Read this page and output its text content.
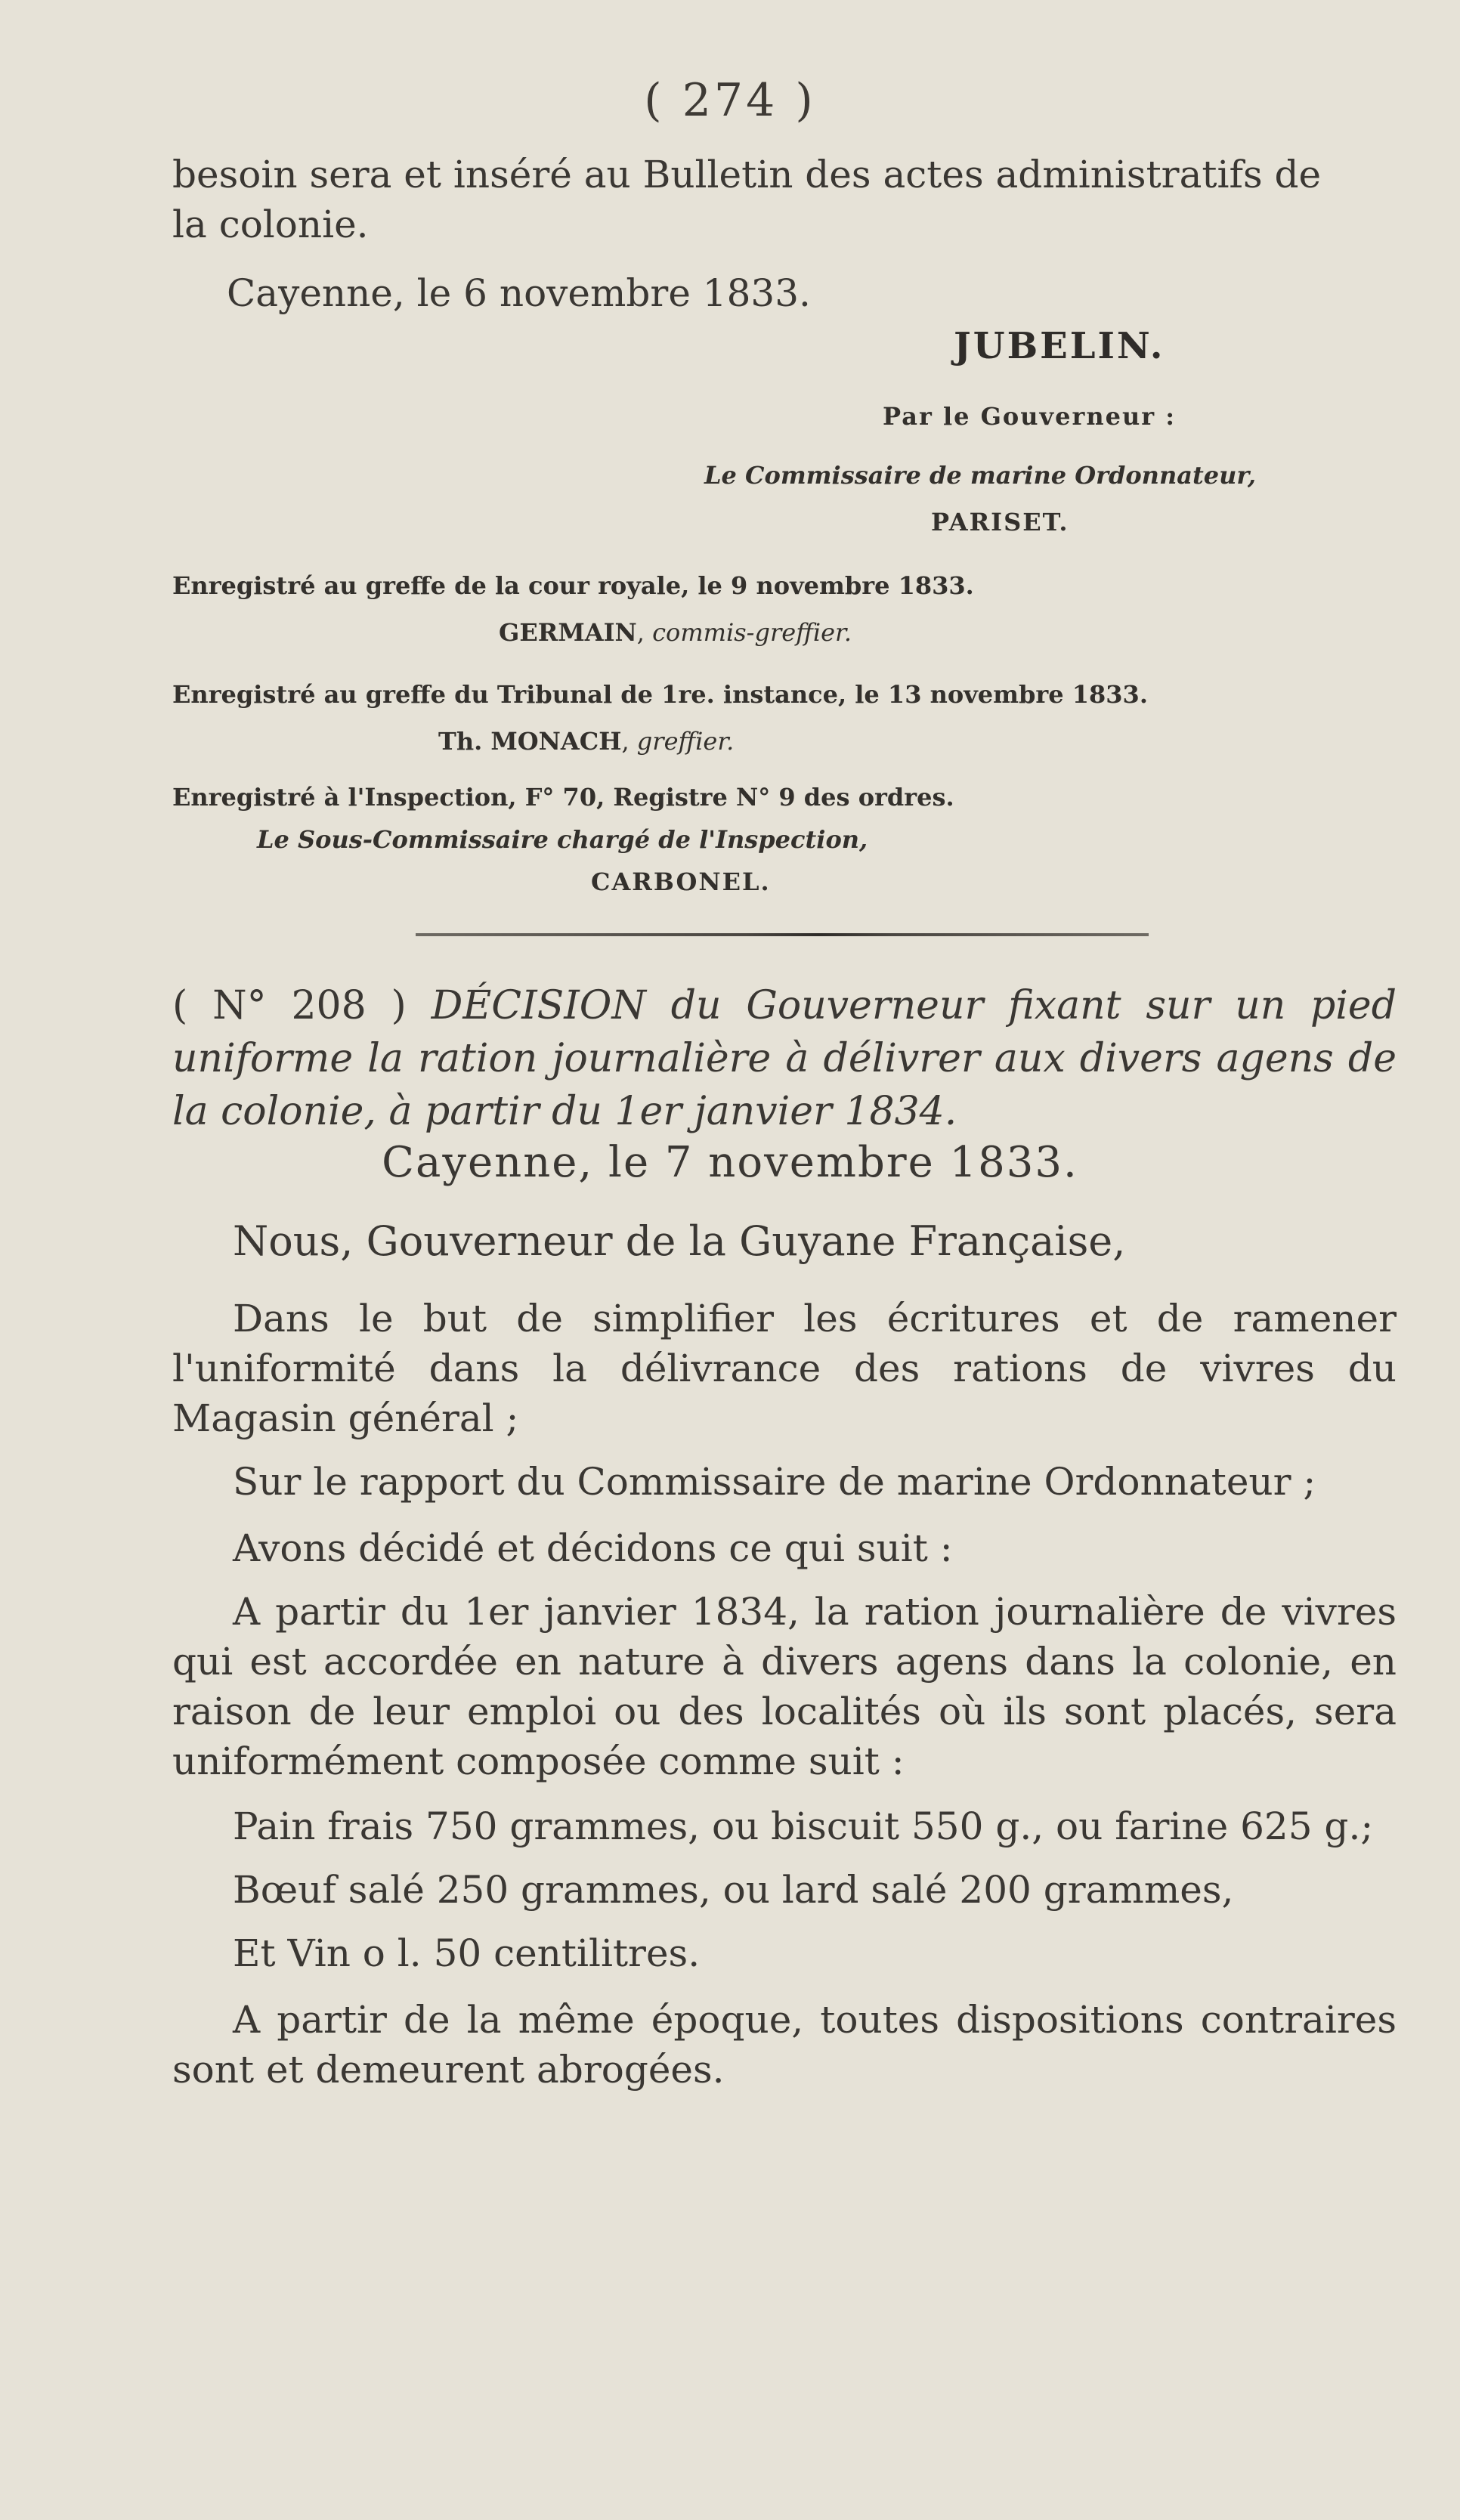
( 274 )
besoin sera et inséré au Bulletin des actes administratifs de
la colonie.
Cayenne, le 6 novembre 1833.
JUBELIN.
Par le Gouverneur :
Le Commissaire de marine Ordonnateur,
PARISET.
Enregistré au greffe de la cour royale, le 9 novembre 1833.
GERMAIN, commis-greffier.
Enregistré au greffe du Tribunal de 1re. instance, le 13 novembre 1833.
Th. MONACH, greffier.
Enregistré à l'Inspection, F° 70, Registre N° 9 des ordres.
Le Sous-Commissaire chargé de l'Inspection,
CARBONEL.
( N° 208 ) DÉCISION du Gouverneur fixant sur un pied uniforme la ration journalière à délivrer aux divers agens de la colonie, à partir du 1er janvier 1834.
Cayenne, le 7 novembre 1833.
Nous, Gouverneur de la Guyane Française,
Dans le but de simplifier les écritures et de ramener l'uniformité dans la délivrance des rations de vivres du Magasin général ;
Sur le rapport du Commissaire de marine Ordonnateur ;
Avons décidé et décidons ce qui suit :
A partir du 1er janvier 1834, la ration journalière de vivres qui est accordée en nature à divers agens dans la colonie, en raison de leur emploi ou des localités où ils sont placés, sera uniformément composée comme suit :
Pain frais 750 grammes, ou biscuit 550 g., ou farine 625 g.;
Bœuf salé 250 grammes, ou lard salé 200 grammes,
Et Vin o l. 50 centilitres.
A partir de la même époque, toutes dispositions contraires sont et demeurent abrogées.
